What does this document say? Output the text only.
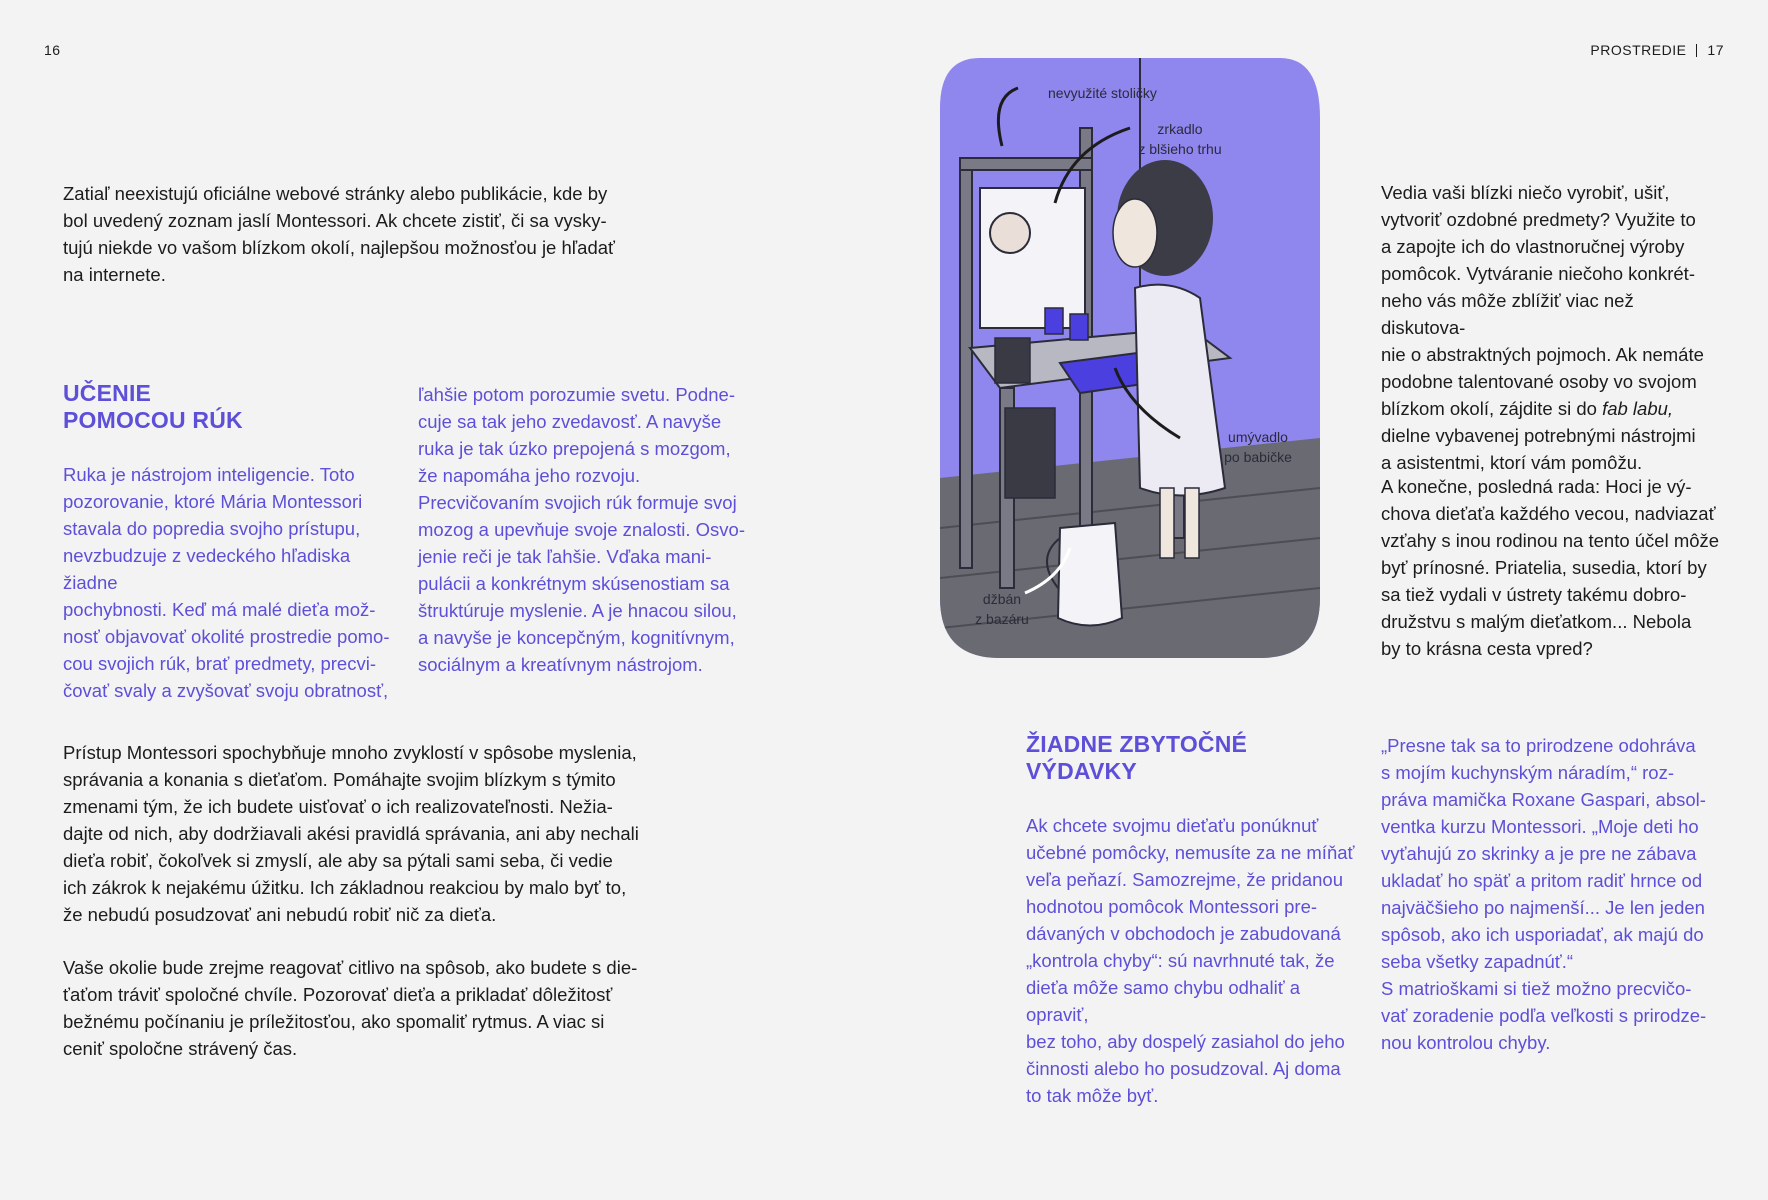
16	PROSTREDIE 17

Zatiaľ neexistujú oficiálne webové stránky alebo publikácie, kde by

bol uvedený zoznam jaslí Montessori. Ak chcete zistiť, či sa vysky-

tujú niekde vo vašom blízkom okolí, najlepšou možnosťou je hľadať

na internete.

UČENIE
POMOCOU RÚK

Ruka je nástrojom inteligencie. Toto

pozorovanie, ktoré Mária Montessori

stavala do popredia svojho prístupu,

nevzbudzuje z vedeckého hľadiska žiadne

pochybnosti. Keď má malé dieťa mož-

nosť objavovať okolité prostredie pomo-

cou svojich rúk, brať predmety, precvi-

čovať svaly a zvyšovať svoju obratnosť,

ľahšie potom porozumie svetu. Podne-

cuje sa tak jeho zvedavosť. A navyše

ruka je tak úzko prepojená s mozgom,

že napomáha jeho rozvoju.

Precvičovaním svojich rúk formuje svoj

mozog a upevňuje svoje znalosti. Osvo-

jenie reči je tak ľahšie. Vďaka mani-

pulácii a konkrétnym skúsenostiam sa

štruktúruje myslenie. A je hnacou silou,

a navyše je koncepčným, kognitívnym,

sociálnym a kreatívnym nástrojom.

Prístup Montessori spochybňuje mnoho zvyklostí v spôsobe myslenia,

správania a konania s dieťaťom. Pomáhajte svojim blízkym s týmito

zmenami tým, že ich budete uisťovať o ich realizovateľnosti. Nežia-

dajte od nich, aby dodržiavali akési pravidlá správania, ani aby nechali

dieťa robiť, čokoľvek si zmyslí, ale aby sa pýtali sami seba, či vedie

ich zákrok k nejakému úžitku. Ich základnou reakciou by malo byť to,

že nebudú posudzovať ani nebudú robiť nič za dieťa.

Vaše okolie bude zrejme reagovať citlivo na spôsob, ako budete s die-

ťaťom tráviť spoločné chvíle. Pozorovať dieťa a prikladať dôležitosť

bežnému počínaniu je príležitosťou, ako spomaliť rytmus. A viac si

ceniť spoločne strávený čas.

nevyužité stoličky
zrkadlo
z blšieho trhu
umývadlo
po babičke
džbán
z bazáru

Vedia vaši blízki niečo vyrobiť, ušiť,

vytvoriť ozdobné predmety? Využite to

a zapojte ich do vlastnoručnej výroby

pomôcok. Vytváranie niečoho konkrét-

neho vás môže zblížiť viac než diskutova-

nie o abstraktných pojmoch. Ak nemáte

podobne talentované osoby vo svojom

blízkom okolí, zájdite si do fab labu,

dielne vybavenej potrebnými nástrojmi

a asistentmi, ktorí vám pomôžu.

A konečne, posledná rada: Hoci je vý-

chova dieťaťa každého vecou, nadviazať

vzťahy s inou rodinou na tento účel môže

byť prínosné. Priatelia, susedia, ktorí by

sa tiež vydali v ústrety takému dobro-

družstvu s malým dieťatkom... Nebola

by to krásna cesta vpred?

ŽIADNE ZBYTOČNÉ
VÝDAVKY

Ak chcete svojmu dieťaťu ponúknuť

učebné pomôcky, nemusíte za ne míňať

veľa peňazí. Samozrejme, že pridanou

hodnotou pomôcok Montessori pre-

dávaných v obchodoch je zabudovaná

„kontrola chyby“: sú navrhnuté tak, že

dieťa môže samo chybu odhaliť a opraviť,

bez toho, aby dospelý zasiahol do jeho

činnosti alebo ho posudzoval. Aj doma

to tak môže byť.

„Presne tak sa to prirodzene odohráva

s mojím kuchynským náradím,“ roz-

práva mamička Roxane Gaspari, absol-

ventka kurzu Montessori. „Moje deti ho

vyťahujú zo skrinky a je pre ne zábava

ukladať ho späť a pritom radiť hrnce od

najväčšieho po najmenší... Je len jeden

spôsob, ako ich usporiadať, ak majú do

seba všetky zapadnúť.“

S matrioškami si tiež možno precvičo-

vať zoradenie podľa veľkosti s prirodze-

nou kontrolou chyby.
